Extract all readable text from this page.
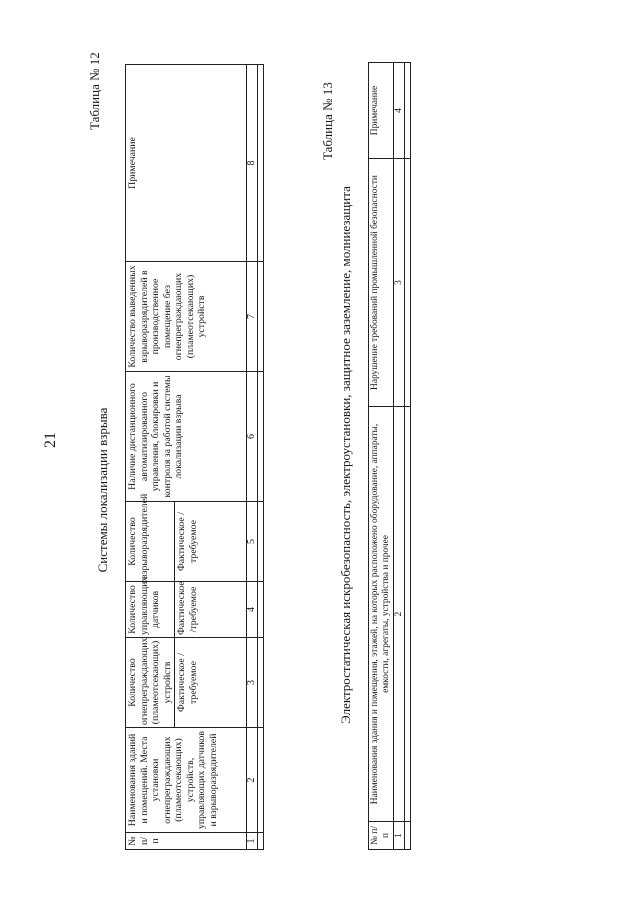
21
Таблица № 12
Системы локализации взрыва
№ п/п	Наименования зданий и помещений. Места установки огнепреграждающих (пламеотсекающих) устройств, управляющих датчиков и взрыворазрядителей	Количество огнепреграждающих (пламеотсекающих) устройств	Количество управляющих датчиков	Количество взрыворазрядителей	Наличие дистанционного автоматизированного управления, блокировки и контроля за работой системы локализации взрыва	Количество выведенных взрыворазрядителей в производственное помещение без огнепреграждающих (пламеотсекающих) устройств	Примечание
		Фактическое /требуемое	Фактическое /требуемое	Фактическое /требуемое			
1	2	3	4	5	6	7	8

Таблица № 13
Электростатическая искробезопасность, электроустановки, защитное заземление, молниезащита
№ п/п	Наименования здания и помещения, этажей, на которых расположено оборудование, аппараты, емкости, агрегаты, устройства и прочее	Нарушение требований промышленной безопасности	Примечание
1	2	3	4
